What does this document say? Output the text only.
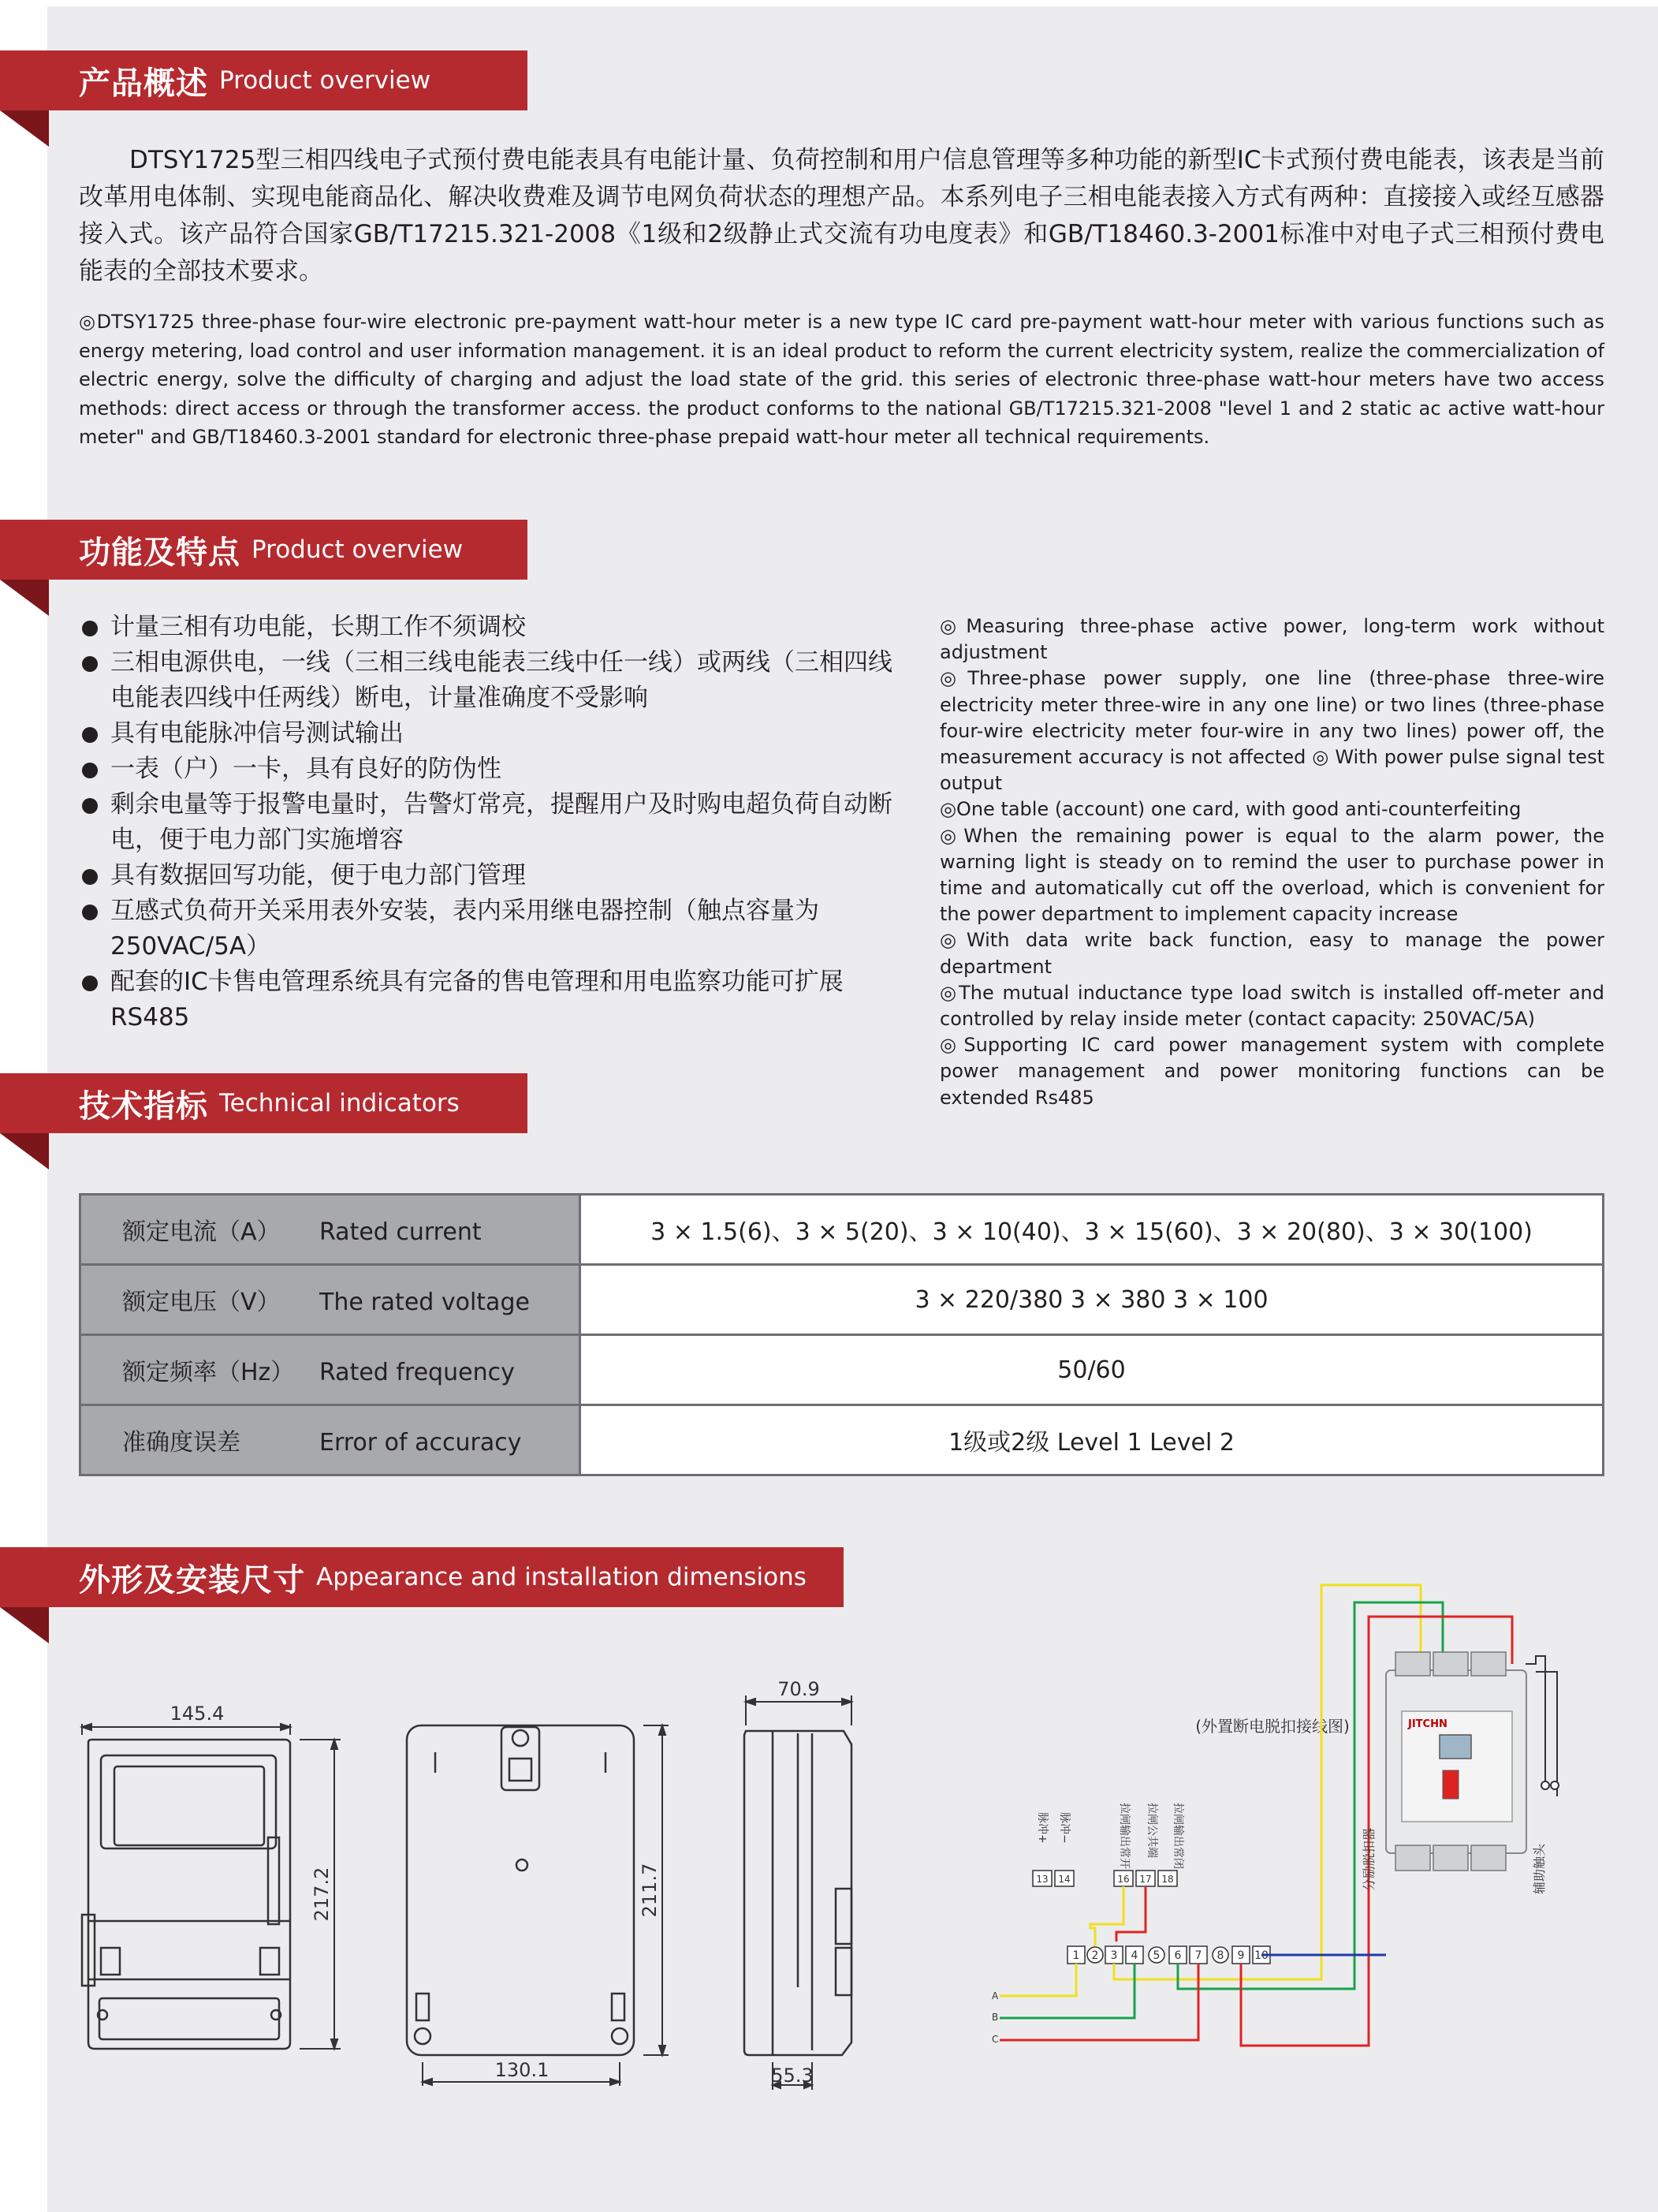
产品概述 Product overview

DTSY1725型三相四线电子式预付费电能表具有电能计量、负荷控制和用户信息管理等多种功能的新型IC卡式预付费电能表，该表是当前改革用电体制、实现电能商品化、解决收费难及调节电网负荷状态的理想产品。本系列电子三相电能表接入方式有两种：直接接入或经互感器接入式。该产品符合国家GB/T17215.321-2008《1级和2级静止式交流有功电度表》和GB/T18460.3-2001标准中对电子式三相预付费电能表的全部技术要求。

◎DTSY1725 three-phase four-wire electronic pre-payment watt-hour meter is a new type IC card pre-payment watt-hour meter with various functions such as energy metering, load control and user information management. it is an ideal product to reform the current electricity system, realize the commercialization of electric energy, solve the difficulty of charging and adjust the load state of the grid. this series of electronic three-phase watt-hour meters have two access methods: direct access or through the transformer access. the product conforms to the national GB/T17215.321-2008 "level 1 and 2 static ac active watt-hour meter" and GB/T18460.3-2001 standard for electronic three-phase prepaid watt-hour meter all technical requirements.

功能及特点 Product overview
计量三相有功电能，长期工作不须调校
三相电源供电，一线（三相三线电能表三线中任一线）或两线（三相四线电能表四线中任两线）断电，计量准确度不受影响
具有电能脉冲信号测试输出
一表（户）一卡，具有良好的防伪性
剩余电量等于报警电量时，告警灯常亮，提醒用户及时购电超负荷自动断电，便于电力部门实施增容
具有数据回写功能，便于电力部门管理
互感式负荷开关采用表外安装，表内采用继电器控制（触点容量为250VAC/5A）
配套的IC卡售电管理系统具有完备的售电管理和用电监察功能可扩展RS485

◎Measuring three-phase active power, long-term work without adjustment

◎Three-phase power supply, one line (three-phase three-wire electricity meter three-wire in any one line) or two lines (three-phase four-wire electricity meter four-wire in any two lines) power off, the measurement accuracy is not affected ◎ With power pulse signal test output

◎One table (account) one card, with good anti-counterfeiting

◎When the remaining power is equal to the alarm power, the warning light is steady on to remind the user to purchase power in time and automatically cut off the overload, which is convenient for the power department to implement capacity increase

◎With data write back function, easy to manage the power department

◎The mutual inductance type load switch is installed off-meter and controlled by relay inside meter (contact capacity: 250VAC/5A)

◎Supporting IC card power management system with complete power management and power monitoring functions can be extended Rs485

技术指标 Technical indicators
额定电流（A） Rated current	3 × 1.5(6)、3 × 5(20)、3 × 10(40)、3 × 15(60)、3 × 20(80)、3 × 30(100)
额定电压（V） The rated voltage	3 × 220/380 3 × 380 3 × 100
额定频率（Hz） Rated frequency	50/60
准确度误差 Error of accuracy	1级或2级 Level 1 Level 2
外形及安装尺寸 Appearance and installation dimensions
145.4
217.2	211.7
130.1
70.9
55.3
(外置断电脱扣接线图)
脉冲+ 脉冲−	拉闸输出常开 拉闸公共端 拉闸输出常闭
13 14	16 17 18
1 2 3 4 5 6 7 8 9 10
A
B
C
JITCHN
分励脱扣器	辅助触头
